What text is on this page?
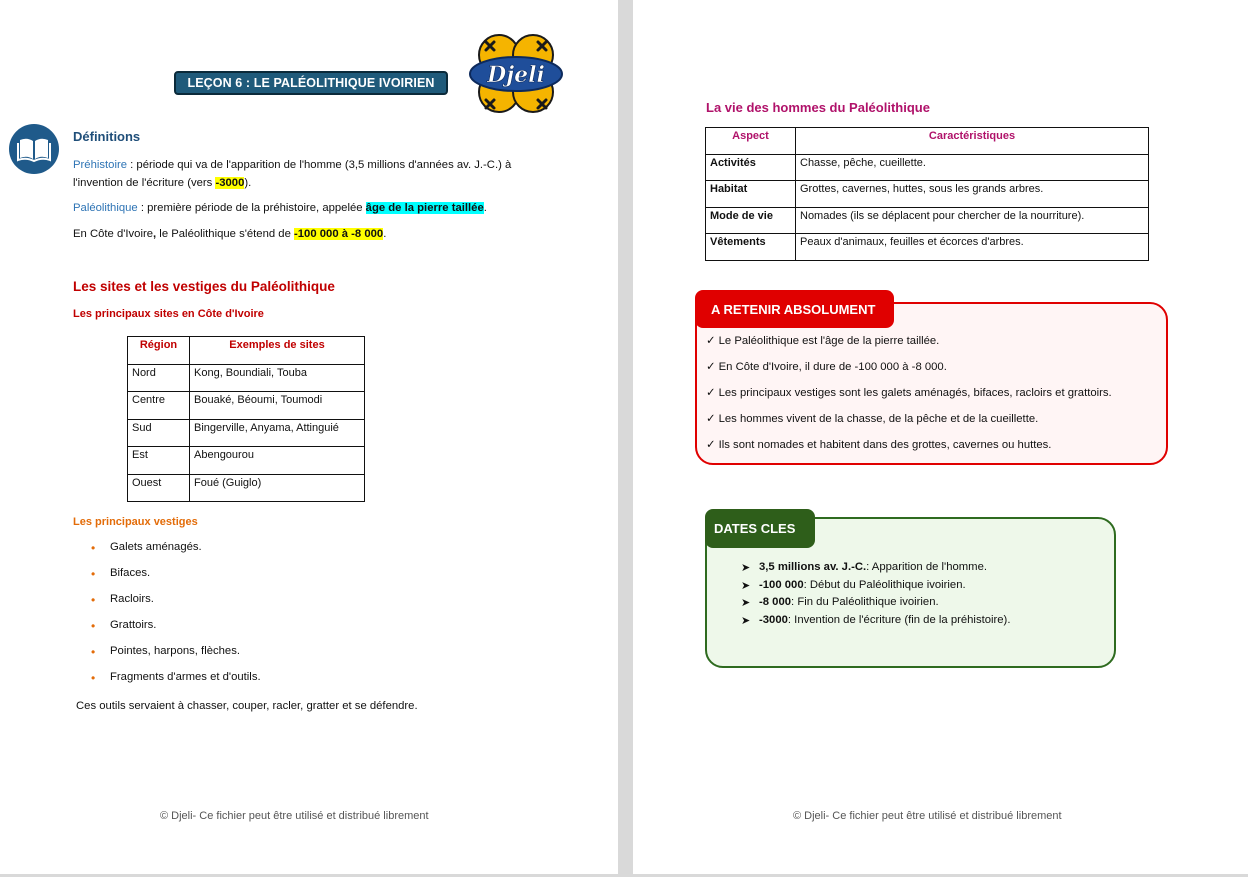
LEÇON 6 : LE PALÉOLITHIQUE IVOIRIEN	Djeli
Définitions
Préhistoire : période qui va de l'apparition de l'homme (3,5 millions d'années av. J.-C.) à
l'invention de l'écriture (vers -3000).
Paléolithique : première période de la préhistoire, appelée âge de la pierre taillée.
En Côte d'Ivoire, le Paléolithique s'étend de -100 000 à -8 000.
Les sites et les vestiges du Paléolithique
Les principaux sites en Côte d'Ivoire
Région	Exemples de sites
Nord	Kong, Boundiali, Touba
Centre	Bouaké, Béoumi, Toumodi
Sud	Bingerville, Anyama, Attinguié
Est	Abengourou
Ouest	Foué (Guiglo)
Les principaux vestiges
•	Galets aménagés.
•	Bifaces.
•	Racloirs.
•	Grattoirs.
•	Pointes, harpons, flèches.
•	Fragments d'armes et d'outils.
Ces outils servaient à chasser, couper, racler, gratter et se défendre.
© Djeli- Ce fichier peut être utilisé et distribué librement
La vie des hommes du Paléolithique
Aspect	Caractéristiques
Activités	Chasse, pêche, cueillette.
Habitat	Grottes, cavernes, huttes, sous les grands arbres.
Mode de vie	Nomades (ils se déplacent pour chercher de la nourriture).
Vêtements	Peaux d'animaux, feuilles et écorces d'arbres.
A RETENIR ABSOLUMENT
✓ Le Paléolithique est l'âge de la pierre taillée.
✓ En Côte d'Ivoire, il dure de -100 000 à -8 000.
✓ Les principaux vestiges sont les galets aménagés, bifaces, racloirs et grattoirs.
✓ Les hommes vivent de la chasse, de la pêche et de la cueillette.
✓ Ils sont nomades et habitent dans des grottes, cavernes ou huttes.
DATES CLES
➤ 3,5 millions av. J.-C. : Apparition de l'homme.
➤ -100 000 : Début du Paléolithique ivoirien.
➤ -8 000 : Fin du Paléolithique ivoirien.
➤ -3000 : Invention de l'écriture (fin de la préhistoire).
© Djeli- Ce fichier peut être utilisé et distribué librement
